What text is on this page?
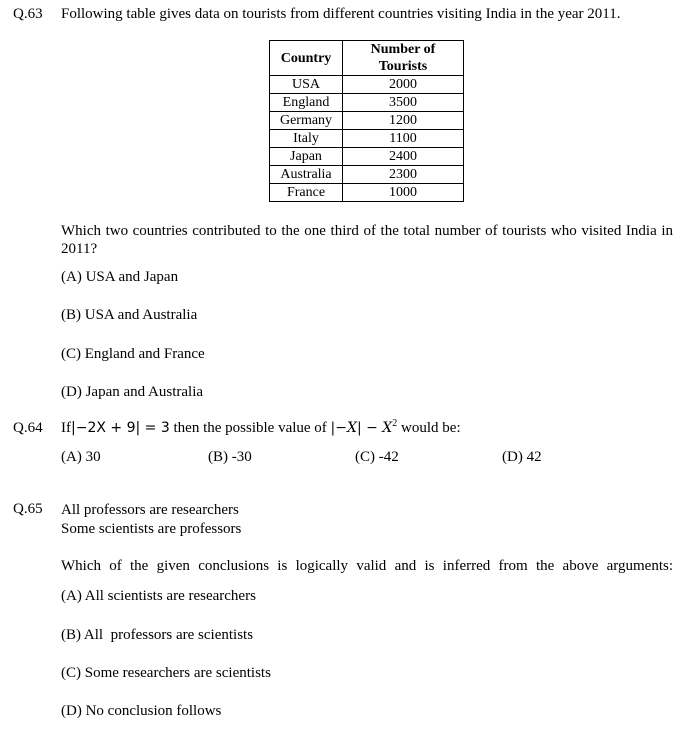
Q.63 Following table gives data on tourists from different countries visiting India in the year 2011.
Country	Number of
Tourists

USA	2000
England	3500
Germany	1200
Italy	1100
Japan	2400
Australia	2300
France	1000
Which two countries contributed to the one third of the total number of tourists who visited India in 2011?
(A) USA and Japan
(B) USA and Australia
(C) England and France
(D) Japan and Australia
Q.64 If|−2X + 9| = 3 then the possible value of $|-X| - X^2$ would be:
(A) 30	(B) -30	(C) -42	(D) 42
Q.65 All professors are researchers
Some scientists are professors
Which of the given conclusions is logically valid and is inferred from the above arguments:
(A) All scientists are researchers
(B) All  professors are scientists
(C) Some researchers are scientists
(D) No conclusion follows
